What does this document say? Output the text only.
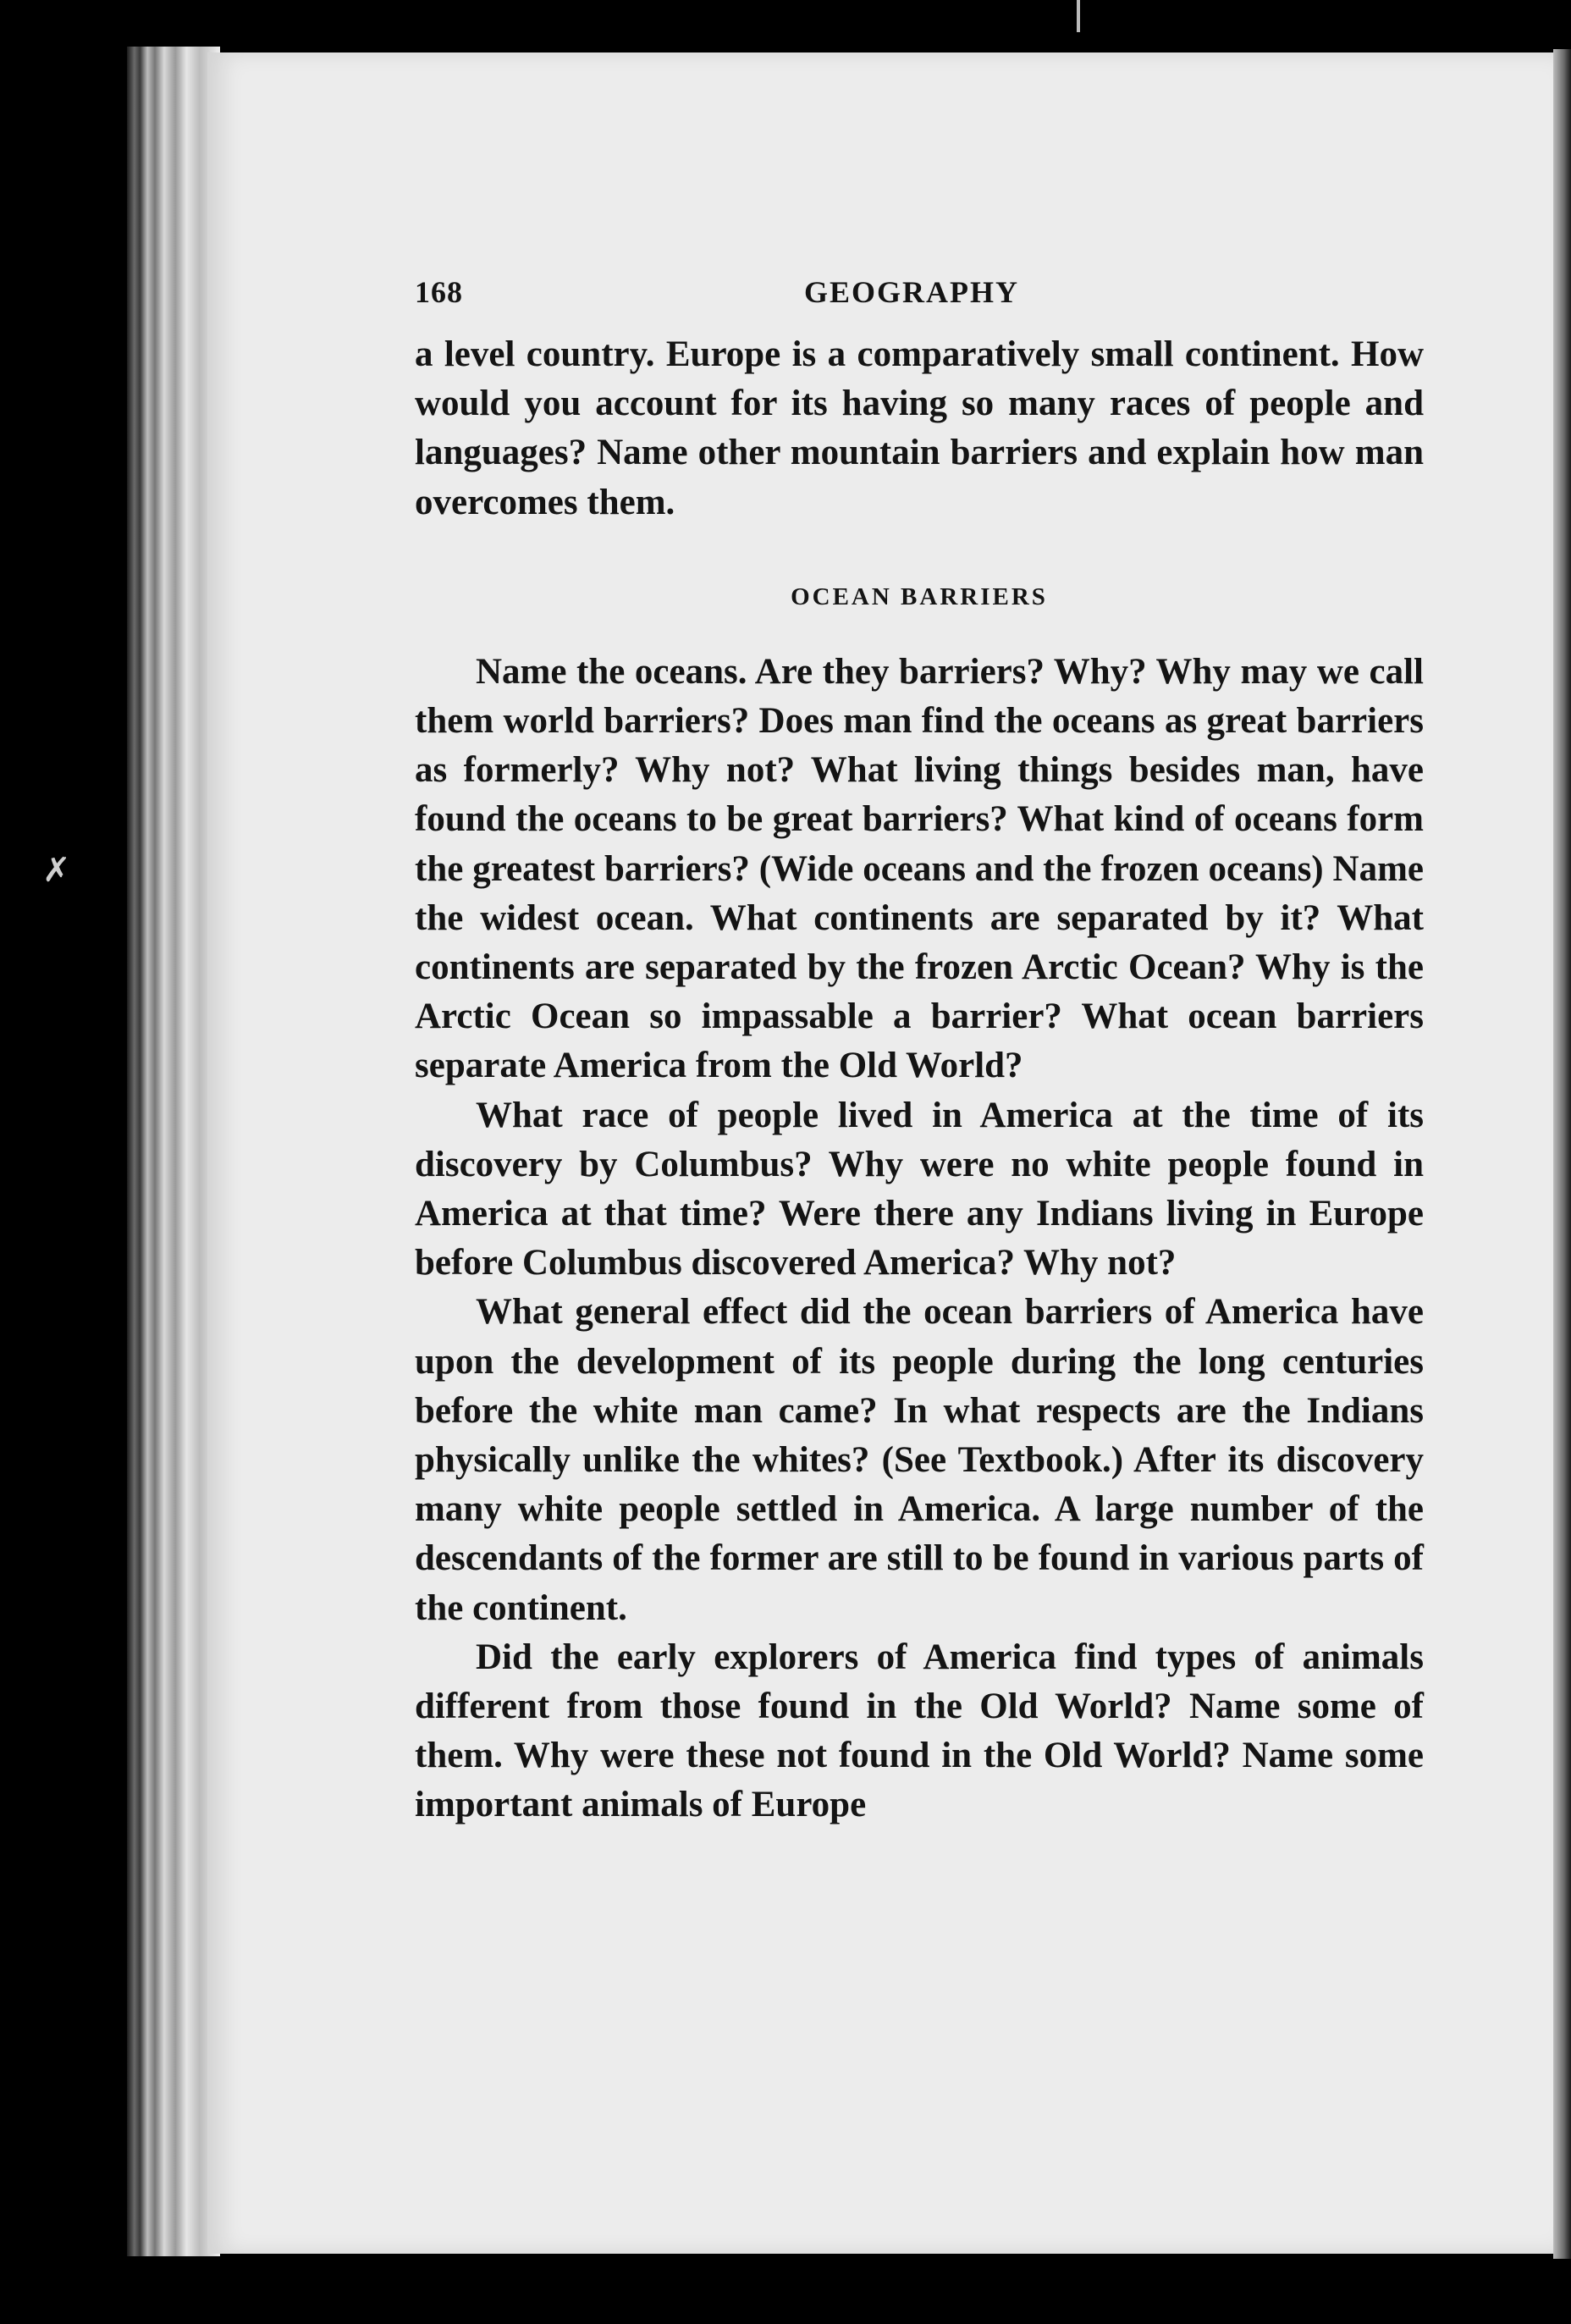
✗
168	GEOGRAPHY

a level country. Europe is a comparatively small continent. How would you account for its having so many races of people and languages? Name other mountain barriers and explain how man overcomes them.

OCEAN BARRIERS

Name the oceans. Are they barriers? Why? Why may we call them world barriers? Does man find the oceans as great barriers as formerly? Why not? What living things besides man, have found the oceans to be great barriers? What kind of oceans form the greatest barriers? (Wide oceans and the frozen oceans) Name the widest ocean. What continents are separated by it? What continents are separated by the frozen Arctic Ocean? Why is the Arctic Ocean so impassable a barrier? What ocean barriers separate America from the Old World?

What race of people lived in America at the time of its discovery by Columbus? Why were no white people found in America at that time? Were there any Indians living in Europe before Columbus discovered America? Why not?

What general effect did the ocean barriers of America have upon the development of its people during the long centuries before the white man came? In what respects are the Indians physically unlike the whites? (See Textbook.) After its discovery many white people settled in America. A large number of the descendants of the former are still to be found in various parts of the continent.

Did the early explorers of America find types of animals different from those found in the Old World? Name some of them. Why were these not found in the Old World? Name some important animals of Europe
